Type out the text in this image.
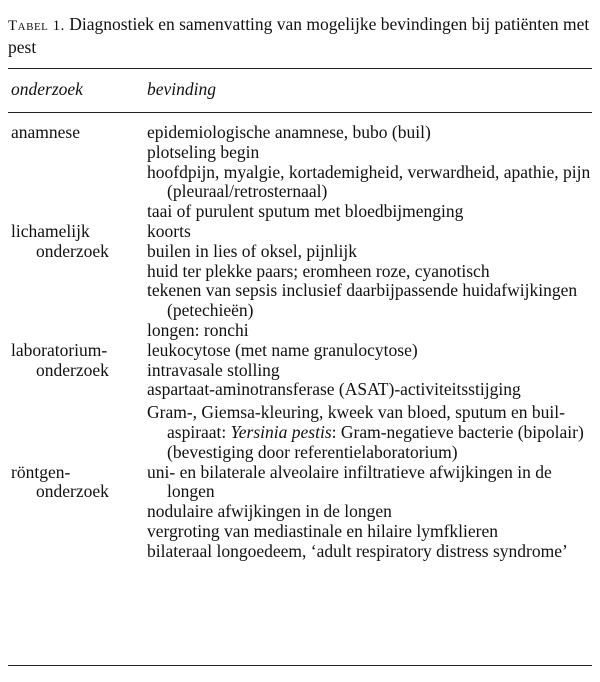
Tabel 1. Diagnostiek en samenvatting van mogelijke bevindingen bij patiënten met pest
onderzoek	bevinding
anamnese	epidemiologische anamnese, bubo (buil)
plotseling begin
hoofdpijn, myalgie, kortademigheid, verwardheid, apathie, pijn (pleuraal/retrosternaal)
taai of purulent sputum met bloedbijmenging
lichamelijk
onderzoek
koorts
builen in lies of oksel, pijnlijk
huid ter plekke paars; eromheen roze, cyanotisch
tekenen van sepsis inclusief daarbijpassende huidafwijkingen (petechieën)
longen: ronchi
laboratorium-
onderzoek
leukocytose (met name granulocytose)
intravasale stolling
aspartaat-aminotransferase (ASAT)-activiteitsstijging
Gram-, Giemsa-kleuring, kweek van bloed, sputum en buil-aspiraat: Yersinia pestis: Gram-negatieve bacterie (bipolair) (bevestiging door referentielaboratorium)
röntgen-
onderzoek
uni- en bilaterale alveolaire infiltratieve afwijkingen in de longen
nodulaire afwijkingen in de longen
vergroting van mediastinale en hilaire lymfklieren
bilateraal longoedeem, ‘adult respiratory distress syndrome’
